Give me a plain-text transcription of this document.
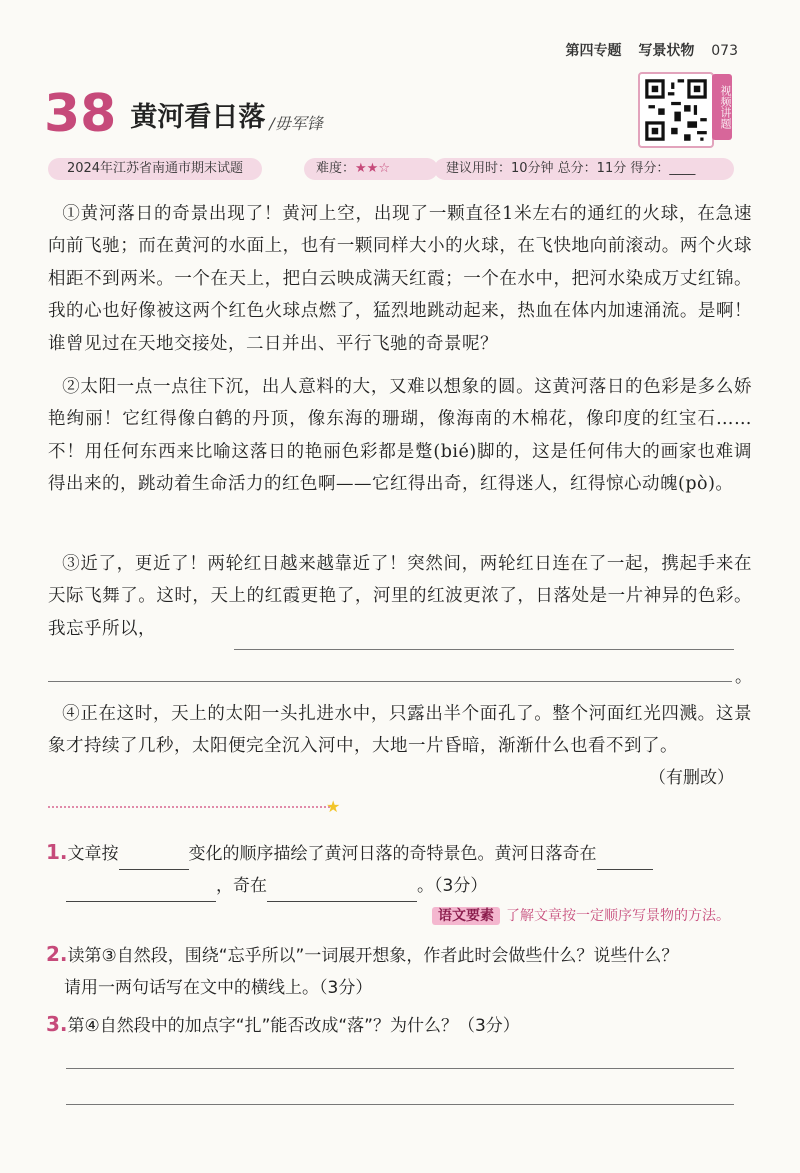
第四专题 写景状物 073
38 黄河看日落 /毋军锋	视频讲题
2024年江苏省南通市期末试题	难度：★★☆	建议用时：10分钟 总分：11分 得分：____
①黄河落日的奇景出现了！黄河上空，出现了一颗直径1米左右的通红的火球，在急速向前飞驰；而在黄河的水面上，也有一颗同样大小的火球，在飞快地向前滚动。两个火球相距不到两米。一个在天上，把白云映成满天红霞；一个在水中，把河水染成万丈红锦。我的心也好像被这两个红色火球点燃了，猛烈地跳动起来，热血在体内加速涌流。是啊！谁曾见过在天地交接处，二日并出、平行飞驰的奇景呢？
②太阳一点一点往下沉，出人意料的大，又难以想象的圆。这黄河落日的色彩是多么娇艳绚丽！它红得像白鹤的丹顶，像东海的珊瑚，像海南的木棉花，像印度的红宝石……不！用任何东西来比喻这落日的艳丽色彩都是蹩(bié)脚的，这是任何伟大的画家也难调得出来的，跳动着生命活力的红色啊——它红得出奇，红得迷人，红得惊心动魄(pò)。
③近了，更近了！两轮红日越来越靠近了！突然间，两轮红日连在了一起，携起手来在天际飞舞了。这时，天上的红霞更艳了，河里的红波更浓了，日落处是一片神异的色彩。我忘乎所以，
。
④正在这时，天上的太阳一头扎进水中，只露出半个面孔了。整个河面红光四溅。这景象才持续了几秒，太阳便完全沉入河中，大地一片昏暗，渐渐什么也看不到了。
（有删改）
★
1.文章按	变化的顺序描绘了黄河日落的奇特景色。黄河日落奇在
，奇在	。（3分）
语文要素 了解文章按一定顺序写景物的方法。
2.读第③自然段，围绕“忘乎所以”一词展开想象，作者此时会做些什么？说些什么？
请用一两句话写在文中的横线上。（3分）
3.第④自然段中的加点字“扎”能否改成“落”？为什么？（3分）
